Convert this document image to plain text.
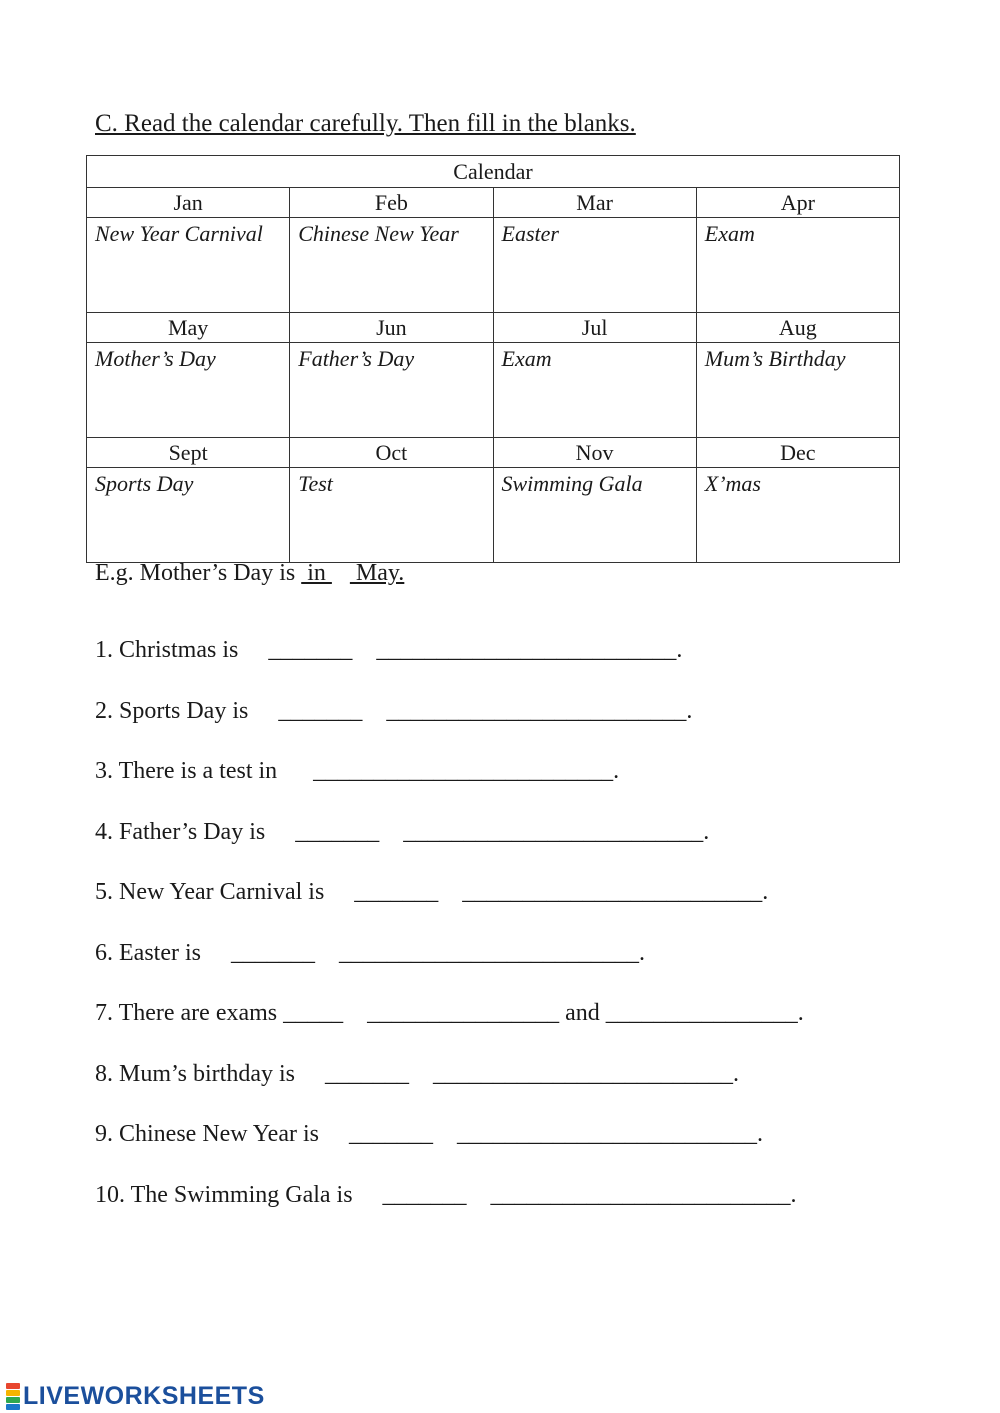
C. Read the calendar carefully. Then fill in the blanks.
Calendar			
Jan	Feb	Mar	Apr
New Year Carnival	Chinese New Year	Easter	Exam
May	Jun	Jul	Aug
Mother’s Day	Father’s Day	Exam	Mum’s Birthday
Sept	Oct	Nov	Dec
Sports Day	Test	Swimming Gala	X’mas
E.g. Mother’s Day is  in     May.
1. Christmas is     _______    _________________________.
2. Sports Day is     _______    _________________________.
3. There is a test in      _________________________.
4. Father’s Day is     _______    _________________________.
5. New Year Carnival is     _______    _________________________.
6. Easter is     _______    _________________________.
7. There are exams _____    ________________ and ________________.
8. Mum’s birthday is     _______    _________________________.
9. Chinese New Year is     _______    _________________________.
10. The Swimming Gala is     _______    _________________________.
LIVEWORKSHEETS
